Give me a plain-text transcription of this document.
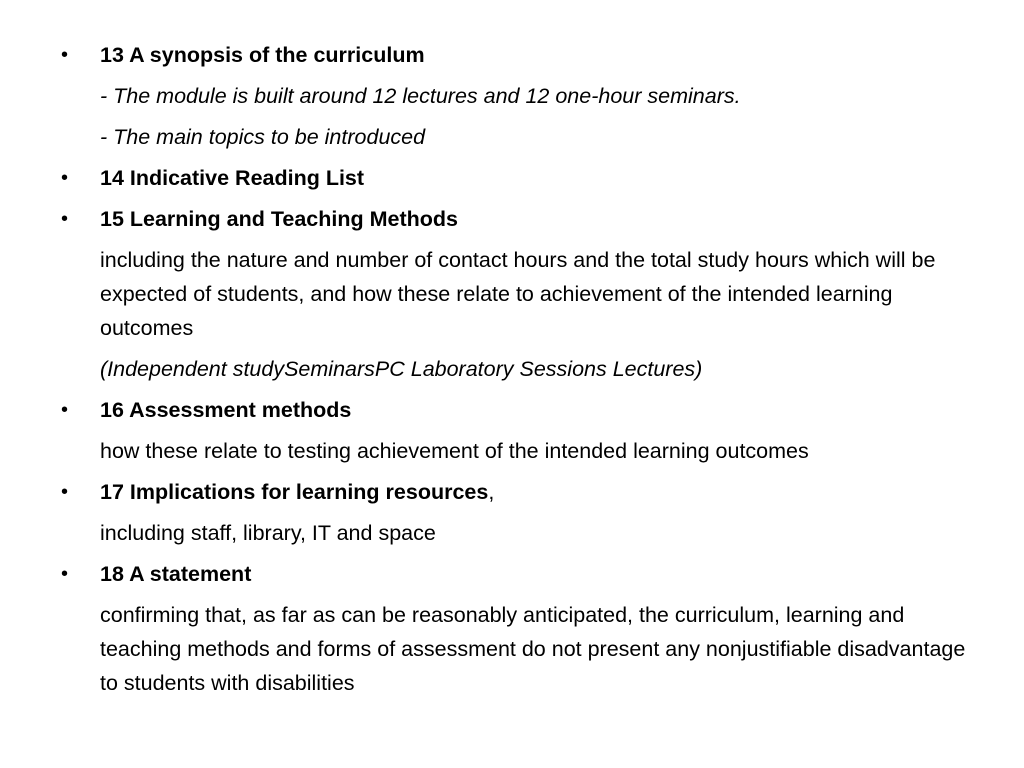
• 13 A synopsis of the curriculum
- The module is built around 12 lectures and 12 one-hour seminars.
- The main topics to be introduced
• 14 Indicative Reading List
• 15 Learning and Teaching Methods
including the nature and number of contact hours and the total study hours which will be expected of students, and how these relate to achievement of the intended learning outcomes
(Independent studySeminarsPC Laboratory Sessions Lectures)
• 16 Assessment methods
how these relate to testing achievement of the intended learning outcomes
• 17 Implications for learning resources,
including staff, library, IT and space
• 18 A statement
confirming that, as far as can be reasonably anticipated, the curriculum, learning and teaching methods and forms of assessment do not present any nonjustifiable disadvantage to students with disabilities
